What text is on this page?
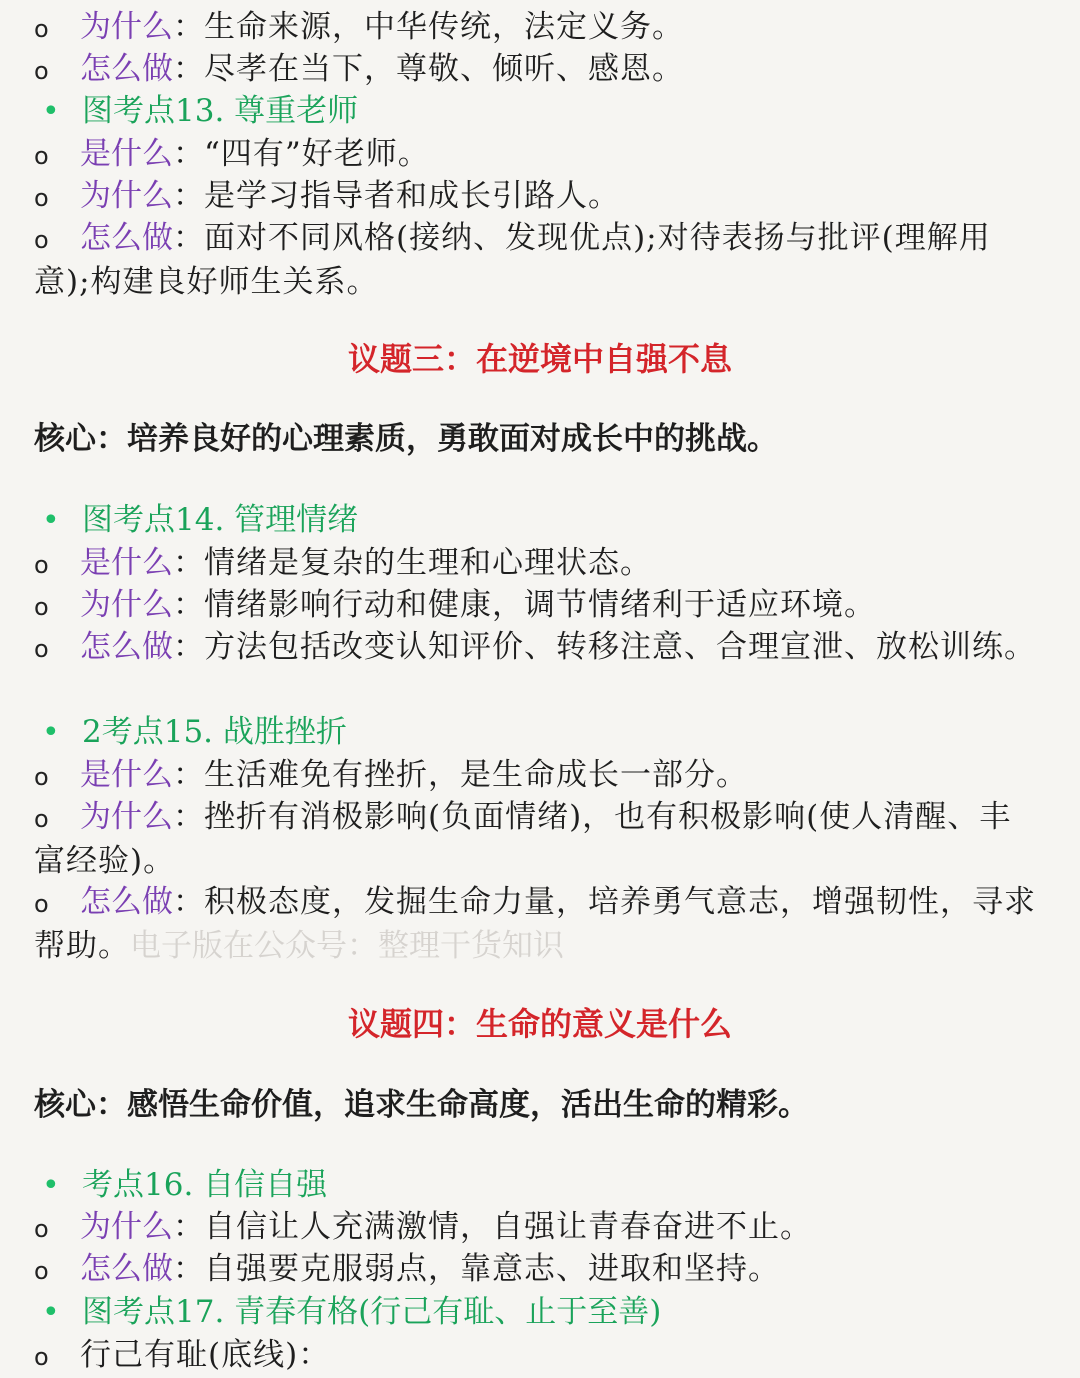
o 为什么：生命来源，中华传统，法定义务。
o 怎么做：尽孝在当下，尊敬、倾听、感恩。
• 图考点13. 尊重老师
o 是什么：“四有”好老师。
o 为什么：是学习指导者和成长引路人。
o 怎么做：面对不同风格(接纳、发现优点);对待表扬与批评(理解用意);构建良好师生关系。
议题三：在逆境中自强不息
核心：培养良好的心理素质，勇敢面对成长中的挑战。
• 图考点14. 管理情绪
o 是什么：情绪是复杂的生理和心理状态。
o 为什么：情绪影响行动和健康，调节情绪利于适应环境。
o 怎么做：方法包括改变认知评价、转移注意、合理宣泄、放松训练。
• 2考点15. 战胜挫折
o 是什么：生活难免有挫折，是生命成长一部分。
o 为什么：挫折有消极影响(负面情绪)，也有积极影响(使人清醒、丰富经验)。
o 怎么做：积极态度，发掘生命力量，培养勇气意志，增强韧性，寻求帮助。电子版在公众号：整理干货知识
议题四：生命的意义是什么
核心：感悟生命价值，追求生命高度，活出生命的精彩。
• 考点16. 自信自强
o 为什么：自信让人充满激情，自强让青春奋进不止。
o 怎么做：自强要克服弱点，靠意志、进取和坚持。
• 图考点17. 青春有格(行己有耻、止于至善)
o 行己有耻(底线)：
